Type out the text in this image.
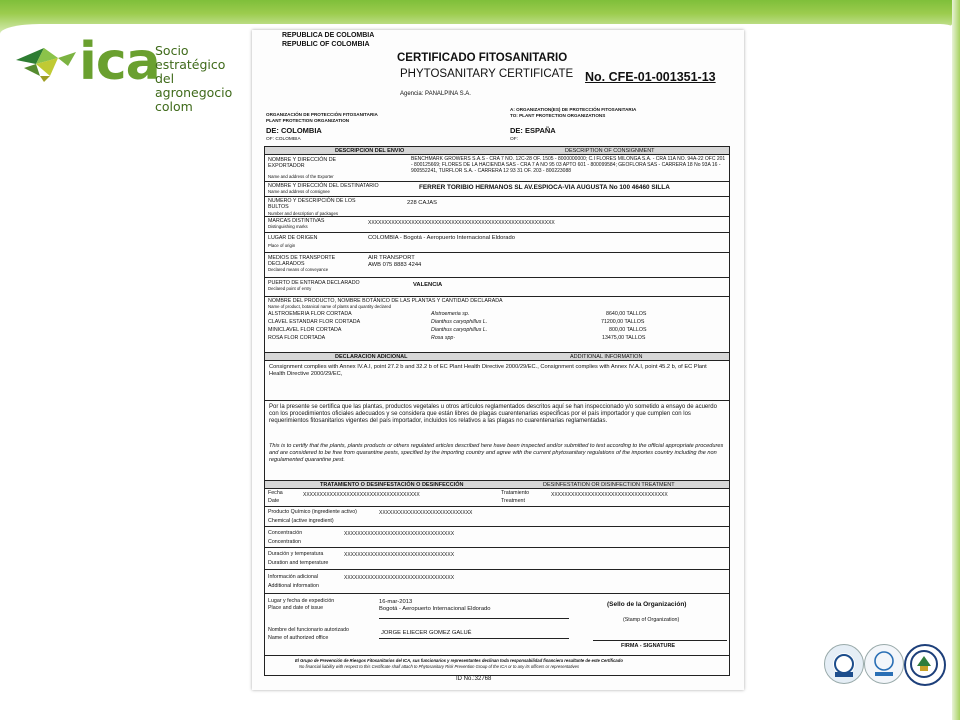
ica
Socio estratégico
del agronegocio colom
REPUBLICA DE COLOMBIA
REPUBLIC OF COLOMBIA
CERTIFICADO FITOSANITARIO
PHYTOSANITARY CERTIFICATE No. CFE-01-001351-13
Agencia: PANALPINA S.A.
ORGANIZACIÓN DE PROTECCIÓN FITOSANITARIA
PLANT PROTECTION ORGANIZATION
A: ORGANIZATION(ES) DE PROTECCIÓN FITOSANITARIA
TO: PLANT PROTECTION ORGANIZATIONS
DE: COLOMBIA
OF: COLOMBIA
DE: ESPAÑA
OF:
DESCRIPCION DEL ENVIO	DESCRIPTION OF CONSIGNMENT
NOMBRE Y DIRECCIÓN DE EXPORTADOR
Name and address of the Exporter
BENCHMARK GROWERS S.A.S - CRA 7 NO. 12C-28 OF. 1505 - 8000000000; C.I FLORES MILONGA S.A. - CRA 11A NO. 94A-22 OFC 201 - 800125669; FLORES DE LA HACIENDA SAS - CRA 7 A NO 95 03 APTO 601 - 800099584; GEOFLORA SAS - CARRERA 18 No 93A 16 - 900552241, TURFLOR S.A. - CARRERA 12 93 31 OF. 203 - 800223088
NOMBRE Y DIRECCIÓN DEL DESTINATARIO
Name and address of consignee
FERRER TORIBIO HERMANOS SL AV.ESPIOCA-VIA AUGUSTA No 100 46460 SILLA
NUMERO Y DESCRIPCIÓN DE LOS BULTOS
Number and description of packages
228 CAJAS
MARCAS DISTINTIVAS
Distinguishing marks
XXXXXXXXXXXXXXXXXXXXXXXXXXXXXXXXXXXXXXXXXXXXXXXXXXXXXXXX
LUGAR DE ORIGEN
Place of origin
COLOMBIA - Bogotá - Aeropuerto Internacional Eldorado
MEDIOS DE TRANSPORTE DECLARADOS
Declared means of conveyance
AIR TRANSPORT
AWB 075 8883 4244
PUERTO DE ENTRADA DECLARADO
Declared point of entry
VALENCIA
NOMBRE DEL PRODUCTO, NOMBRE BOTÁNICO DE LAS PLANTAS Y CANTIDAD DECLARADA
Name of product, botanical name of plants and quantity declared
ALSTROEMERIA FLOR CORTADA	Alstroemeria sp.	8640,00 TALLOS
CLAVEL ESTANDAR FLOR CORTADA	Dianthus caryophillus L.	71200,00 TALLOS
MINICLAVEL FLOR CORTADA	Dianthus caryophillus L.	800,00 TALLOS
ROSA FLOR CORTADA	Rosa spp·	13475,00 TALLOS
DECLARACION ADICIONAL	ADDITIONAL INFORMATION
Consignment complies with Annex IV.A.I, point 27.2 b and 32.2 b of EC Plant Health Directive 2000/29/EC., Consignment complies with Annex IV.A.I, point 45.2 b, of EC Plant Health Directive 2000/29/EC,
Por la presente se certifica que las plantas, productos vegetales u otros artículos reglamentados descritos aquí se han inspeccionado y/o sometido a ensayo de acuerdo con los procedimientos oficiales adecuados y se considera que están libres de plagas cuarentenarias especificas por el país importador y que cumplen con los requerimientos fitosanitarios vigentes del país importador, incluidos los relativos a las plagas no cuarentenarias reglamentadas.
This is to certify that the plants, plants products or others regulated articles described here have been inspected and/or submitted to test according to the official appropriate procedures and are considered to be free from quarantine pests, specified by the importing country and agree with the current phytosanitary regulations of the importes country including the non regulamented quarantine pest.
TRATAMIENTO O DESINFESTACIÓN O DESINFECCIÓN	DESINFESTATION OR DISINFECTION TREATMENT
Fecha
Date
XXXXXXXXXXXXXXXXXXXXXXXXXXXXXXXXXXX	Tratamiento
Treatment
XXXXXXXXXXXXXXXXXXXXXXXXXXXXXXXXXXX
Producto Químico (ingrediente activo)
Chemical (active ingredient)
XXXXXXXXXXXXXXXXXXXXXXXXXXXX
Concentración
Concentration
XXXXXXXXXXXXXXXXXXXXXXXXXXXXXXXXX
Duración y temperatura
Duration and temperature
XXXXXXXXXXXXXXXXXXXXXXXXXXXXXXXXX
Información adicional
Additional information
XXXXXXXXXXXXXXXXXXXXXXXXXXXXXXXXX
Lugar y fecha de expedición
Place and date of issue
16-mar-2013
Bogotá - Aeropuerto Internacional Eldorado
(Sello de la Organización)
(Stamp of Organization)
Nombre del funcionario autorizado
Name of authorized office
JORGE ELIECER GOMEZ GALUÉ
FIRMA - SIGNATURE
El Grupo de Prevención de Riesgos Fitosanitarios del ICA, sus funcionarios y representantes declinan toda responsabilidad financiera resultante de este Certificado
No financial liability with respect to this Certificate shall attach to Phytosanitary Risk Prevention Group of the ICA or to any its officers or representatives
ID No.:32768
